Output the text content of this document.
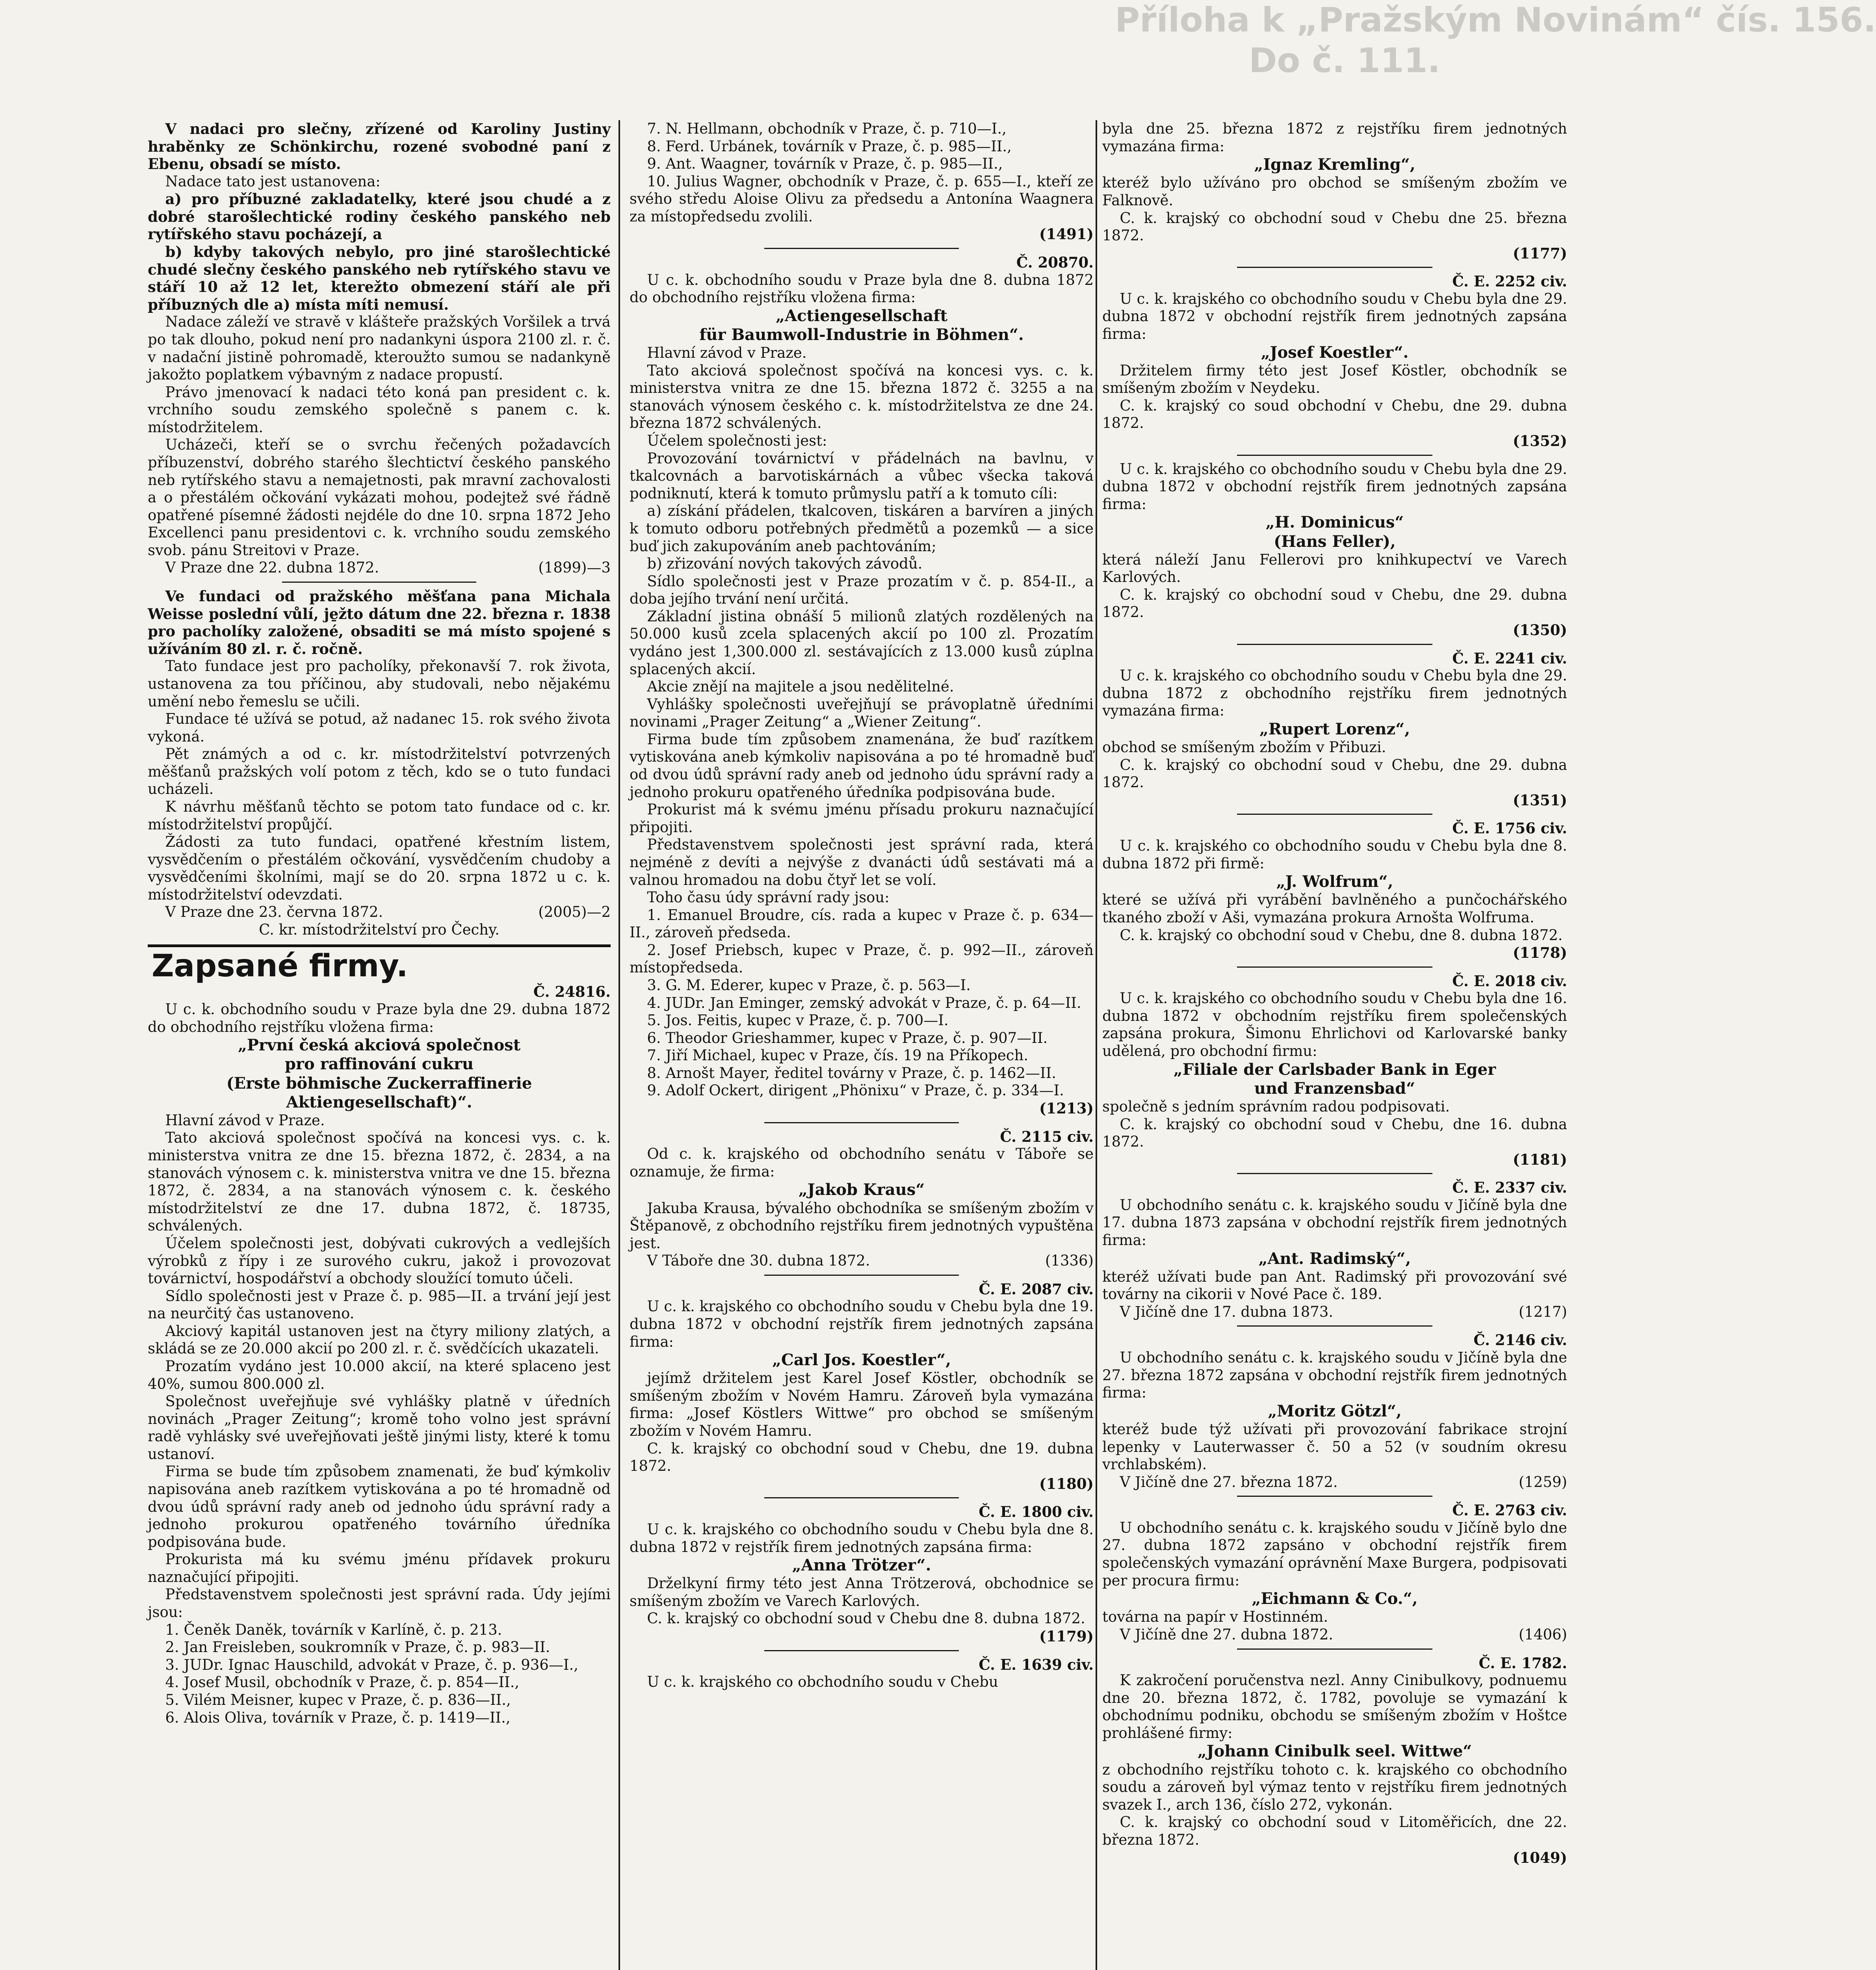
Příloha k „Pražským Novinám“ čís. 156.
Do č. 111.

V nadaci pro slečny, zřízené od Karoliny Justiny hraběnky ze Schönkirchu, rozené svobodné paní z Ebenu, obsadí se místo.

Nadace tato jest ustanovena:

a) pro příbuzné zakladatelky, které jsou chudé a z dobré starošlechtické rodiny českého panského neb rytířského stavu pocházejí, a

b) kdyby takových nebylo, pro jiné starošlechtické chudé slečny českého panského neb rytířského stavu ve stáří 10 až 12 let, kterežto obmezení stáří ale při příbuzných dle a) místa míti nemusí.

Nadace záleží ve stravě v klášteře pražských Voršilek a trvá po tak dlouho, pokud není pro nadankyni úspora 2100 zl. r. č. v nadační jistině pohromadě, kteroužto sumou se nadankyně jakožto poplatkem výbavným z nadace propustí.

Právo jmenovací k nadaci této koná pan president c. k. vrchního soudu zemského společně s panem c. k. místodržitelem.

Ucházeči, kteří se o svrchu řečených požadavcích příbuzenství, dobrého starého šlechtictví českého panského neb rytířského stavu a nemajetnosti, pak mravní zachovalosti a o přestálém očkování vykázati mohou, podejtež své řádně opatřené písemné žádosti nejdéle do dne 10. srpna 1872 Jeho Excellenci panu presidentovi c. k. vrchního soudu zemského svob. pánu Streitovi v Praze.

V Praze dne 22. dubna 1872.	(1899)—3

Ve fundaci od pražského měšťana pana Michala Weisse poslední vůlí, je̱žto dátum dne 22. března r. 1838 pro pacholíky založené, obsaditi se má místo spojené s užíváním 80 zl. r. č. ročně.

Tato fundace jest pro pacholíky, překonavší 7. rok života, ustanovena za tou příčinou, aby studovali, nebo nějakému umění nebo řemeslu se učili.

Fundace té užívá se potud, až nadanec 15. rok svého života vykoná.

Pět známých a od c. kr. místodržitelství potvrzených měšťanů pražských volí potom z těch, kdo se o tuto fundaci ucházeli.

K návrhu měšťanů těchto se potom tato fundace od c. kr. místodržitelství propůjčí.

Žádosti za tuto fundaci, opatřené křestním listem, vysvědčením o přestálém očkování, vysvědčením chudoby a vysvědčeními školními, mají se do 20. srpna 1872 u c. k. místodržitelství odevzdati.

V Praze dne 23. června 1872.	(2005)—2

C. kr. místodržitelství pro Čechy.

Zapsané firmy.

Č. 24816.

U c. k. obchodního soudu v Praze byla dne 29. dubna 1872 do obchodního rejstříku vložena firma:

„První česká akciová společnost

pro raffinování cukru

(Erste böhmische Zuckerraffinerie

Aktiengesellschaft)“.

Hlavní závod v Praze.

Tato akciová společnost spočívá na koncesi vys. c. k. ministerstva vnitra ze dne 15. března 1872, č. 2834, a na stanovách výnosem c. k. ministerstva vnitra ve dne 15. března 1872, č. 2834, a na stanovách výnosem c. k. českého místodržitelství ze dne 17. dubna 1872, č. 18735, schválených.

Účelem společnosti jest, dobývati cukrových a vedlejších výrobků z řípy i ze surového cukru, jakož i provozovat továrnictví, hospodářství a obchody sloužící tomuto účeli.

Sídlo společnosti jest v Praze č. p. 985—II. a trvání její jest na neurčitý čas ustanoveno.

Akciový kapitál ustanoven jest na čtyry miliony zlatých, a skládá se ze 20.000 akcií po 200 zl. r. č. svědčících ukazateli.

Prozatím vydáno jest 10.000 akcií, na které splaceno jest 40%, sumou 800.000 zl.

Společnost uveřejňuje své vyhlášky platně v úředních novinách „Prager Zeitung“; kromě toho volno jest správní radě vyhlásky své uveřejňovati ještě jinými listy, které k tomu ustanoví.

Firma se bude tím způsobem znamenati, že buď kýmkoliv napisována aneb razítkem vytiskována a po té hromadně od dvou údů správní rady aneb od jednoho údu správní rady a jednoho prokurou opatřeného továrního úředníka podpisována bude.

Prokurista má ku svému jménu přídavek prokuru naznačující připojiti.

Představenstvem společnosti jest správní rada. Údy jejími jsou:

1. Čeněk Daněk, továrník v Karlíně, č. p. 213.

2. Jan Freisleben, soukromník v Praze, č. p. 983—II.

3. JUDr. Ignac Hauschild, advokát v Praze, č. p. 936—I.,

4. Josef Musil, obchodník v Praze, č. p. 854—II.,

5. Vilém Meisner, kupec v Praze, č. p. 836—II.,

6. Alois Oliva, továrník v Praze, č. p. 1419—II.,

7. N. Hellmann, obchodník v Praze, č. p. 710—I.,

8. Ferd. Urbánek, továrník v Praze, č. p. 985—II.,

9. Ant. Waagner, továrník v Praze, č. p. 985—II.,

10. Julius Wagner, obchodník v Praze, č. p. 655—I., kteří ze svého středu Aloise Olivu za předsedu a Antonína Waagnera za místopředsedu zvolili.

(1491)

Č. 20870.

U c. k. obchodního soudu v Praze byla dne 8. dubna 1872 do obchodního rejstříku vložena firma:

„Actiengesellschaft

für Baumwoll-Industrie in Böhmen“.

Hlavní závod v Praze.

Tato akciová společnost spočívá na koncesi vys. c. k. ministerstva vnitra ze dne 15. března 1872 č. 3255 a na stanovách výnosem českého c. k. místodržitelstva ze dne 24. března 1872 schválených.

Účelem společnosti jest:

Provozování továrnictví v přádelnách na bavlnu, v tkalcovnách a barvotiskárnách a vůbec všecka taková podniknutí, která k tomuto průmyslu patří a k tomuto cíli:

a) získání přádelen, tkalcoven, tiskáren a barvíren a jiných k tomuto odboru potřebných předmětů a pozemků — a sice buď jich zakupováním aneb pachtováním;

b) zřizování nových takových závodů.

Sídlo společnosti jest v Praze prozatím v č. p. 854-II., a doba jejího trvání není určitá.

Základní jistina obnáší 5 milionů zlatých rozdělených na 50.000 kusů zcela splacených akcií po 100 zl. Prozatím vydáno jest 1,300.000 zl. sestávajících z 13.000 kusů zúplna splacených akcií.

Akcie znějí na majitele a jsou nedělitelné.

Vyhlášky společnosti uveřejňují se právoplatně úředními novinami „Prager Zeitung“ a „Wiener Zeitung“.

Firma bude tím způsobem znamenána, že buď razítkem vytiskována aneb kýmkoliv napisována a po té hromadně buď od dvou údů správní rady aneb od jednoho údu správní rady a jednoho prokuru opatřeného úředníka podpisována bude.

Prokurist má k svému jménu přísadu prokuru naznačující připojiti.

Představenstvem společnosti jest správní rada, která nejméně z devíti a nejvýše z dvanácti údů sestávati má a valnou hromadou na dobu čtyř let se volí.

Toho času údy správní rady jsou:

1. Emanuel Broudre, cís. rada a kupec v Praze č. p. 634—II., zároveň předseda.

2. Josef Priebsch, kupec v Praze, č. p. 992—II., zároveň místopředseda.

3. G. M. Ederer, kupec v Praze, č. p. 563—I.

4. JUDr. Jan Eminger, zemský advokát v Praze, č. p. 64—II.

5. Jos. Feitis, kupec v Praze, č. p. 700—I.

6. Theodor Grieshammer, kupec v Praze, č. p. 907—II.

7. Jiří Michael, kupec v Praze, čís. 19 na Příkopech.

8. Arnošt Mayer, ředitel továrny v Praze, č. p. 1462—II.

9. Adolf Ockert, dirigent „Phönixu“ v Praze, č. p. 334—I.

(1213)

Č. 2115 civ.

Od c. k. krajského od obchodního senátu v Táboře se oznamuje, že firma:

„Jakob Kraus“

Jakuba Krausa, bývalého obchodníka se smíšeným zbožím v Štěpanově, z obchodního rejstříku firem jednotných vypuštěna jest.

V Táboře dne 30. dubna 1872.	(1336)

Č. E. 2087 civ.

U c. k. krajského co obchodního soudu v Chebu byla dne 19. dubna 1872 v obchodní rejstřík firem jednotných zapsána firma:

„Carl Jos. Koestler“,

jejímž držitelem jest Karel Josef Köstler, obchodník se smíšeným zbožím v Novém Hamru. Zároveň byla vymazána firma: „Josef Köstlers Wittwe“ pro obchod se smíšeným zbožím v Novém Hamru.

C. k. krajský co obchodní soud v Chebu, dne 19. dubna 1872.

(1180)

Č. E. 1800 civ.

U c. k. krajského co obchodního soudu v Chebu byla dne 8. dubna 1872 v rejstřík firem jednotných zapsána firma:

„Anna Trötzer“.

Drželkyní firmy této jest Anna Trötzerová, obchodnice se smíšeným zbožím ve Varech Karlových.

C. k. krajský co obchodní soud v Chebu dne 8. dubna 1872.

(1179)

Č. E. 1639 civ.

U c. k. krajského co obchodního soudu v Chebu

byla dne 25. března 1872 z rejstříku firem jednotných vymazána firma:

„Ignaz Kremling“,

kteréž bylo užíváno pro obchod se smíšeným zbožím ve Falknově.

C. k. krajský co obchodní soud v Chebu dne 25. března 1872.

(1177)

Č. E. 2252 civ.

U c. k. krajského co obchodního soudu v Chebu byla dne 29. dubna 1872 v obchodní rejstřík firem jednotných zapsána firma:

„Josef Koestler“.

Držitelem firmy této jest Josef Köstler, obchodník se smíšeným zbožím v Neydeku.

C. k. krajský co soud obchodní v Chebu, dne 29. dubna 1872.

(1352)

U c. k. krajského co obchodního soudu v Chebu byla dne 29. dubna 1872 v obchodní rejstřík firem jednotných zapsána firma:

„H. Dominicus“

(Hans Feller),

která náleží Janu Fellerovi pro knihkupectví ve Varech Karlových.

C. k. krajský co obchodní soud v Chebu, dne 29. dubna 1872.

(1350)

Č. E. 2241 civ.

U c. k. krajského co obchodního soudu v Chebu byla dne 29. dubna 1872 z obchodního rejstříku firem jednotných vymazána firma:

„Rupert Lorenz“,

obchod se smíšeným zbožím v Přibuzi.

C. k. krajský co obchodní soud v Chebu, dne 29. dubna 1872.

(1351)

Č. E. 1756 civ.

U c. k. krajského co obchodního soudu v Chebu byla dne 8. dubna 1872 při firmě:

„J. Wolfrum“,

které se užívá při vyrábění bavlněného a punčochářského tkaného zboží v Aši, vymazána prokura Arnošta Wolfruma.

C. k. krajský co obchodní soud v Chebu, dne 8. dubna 1872.

(1178)

Č. E. 2018 civ.

U c. k. krajského co obchodního soudu v Chebu byla dne 16. dubna 1872 v obchodním rejstříku firem společenských zapsána prokura, Šimonu Ehrlichovi od Karlovarské banky udělená, pro obchodní firmu:

„Filiale der Carlsbader Bank in Eger

und Franzensbad“

společně s jedním správním radou podpisovati.

C. k. krajský co obchodní soud v Chebu, dne 16. dubna 1872.

(1181)

Č. E. 2337 civ.

U obchodního senátu c. k. krajského soudu v Jičíně byla dne 17. dubna 1873 zapsána v obchodní rejstřík firem jednotných firma:

„Ant. Radimský“,

kteréž užívati bude pan Ant. Radimský při provozování své továrny na cikorii v Nové Pace č. 189.

V Jičíně dne 17. dubna 1873.	(1217)

Č. 2146 civ.

U obchodního senátu c. k. krajského soudu v Jičíně byla dne 27. března 1872 zapsána v obchodní rejstřík firem jednotných firma:

„Moritz Götzl“,

kteréž bude týž užívati při provozování fabrikace strojní lepenky v Lauterwasser č. 50 a 52 (v soudním okresu vrchlabském).

V Jičíně dne 27. března 1872.	(1259)

Č. E. 2763 civ.

U obchodního senátu c. k. krajského soudu v Jičíně bylo dne 27. dubna 1872 zapsáno v obchodní rejstřík firem společenských vymazání oprávnění Maxe Burgera, podpisovati per procura firmu:

„Eichmann & Co.“,

továrna na papír v Hostinném.

V Jičíně dne 27. dubna 1872.	(1406)

Č. E. 1782.

K zakročení poručenstva nezl. Anny Cinibulkovy, podnuemu dne 20. března 1872, č. 1782, povoluje se vymazání k obchodnímu podniku, obchodu se smíšeným zbožím v Hoštce prohlášené firmy:

„Johann Cinibulk seel. Wittwe“

z obchodního rejstříku tohoto c. k. krajského co obchodního soudu a zároveň byl výmaz tento v rejstříku firem jednotných svazek I., arch 136, číslo 272, vykonán.

C. k. krajský co obchodní soud v Litoměřicích, dne 22. března 1872.

(1049)
